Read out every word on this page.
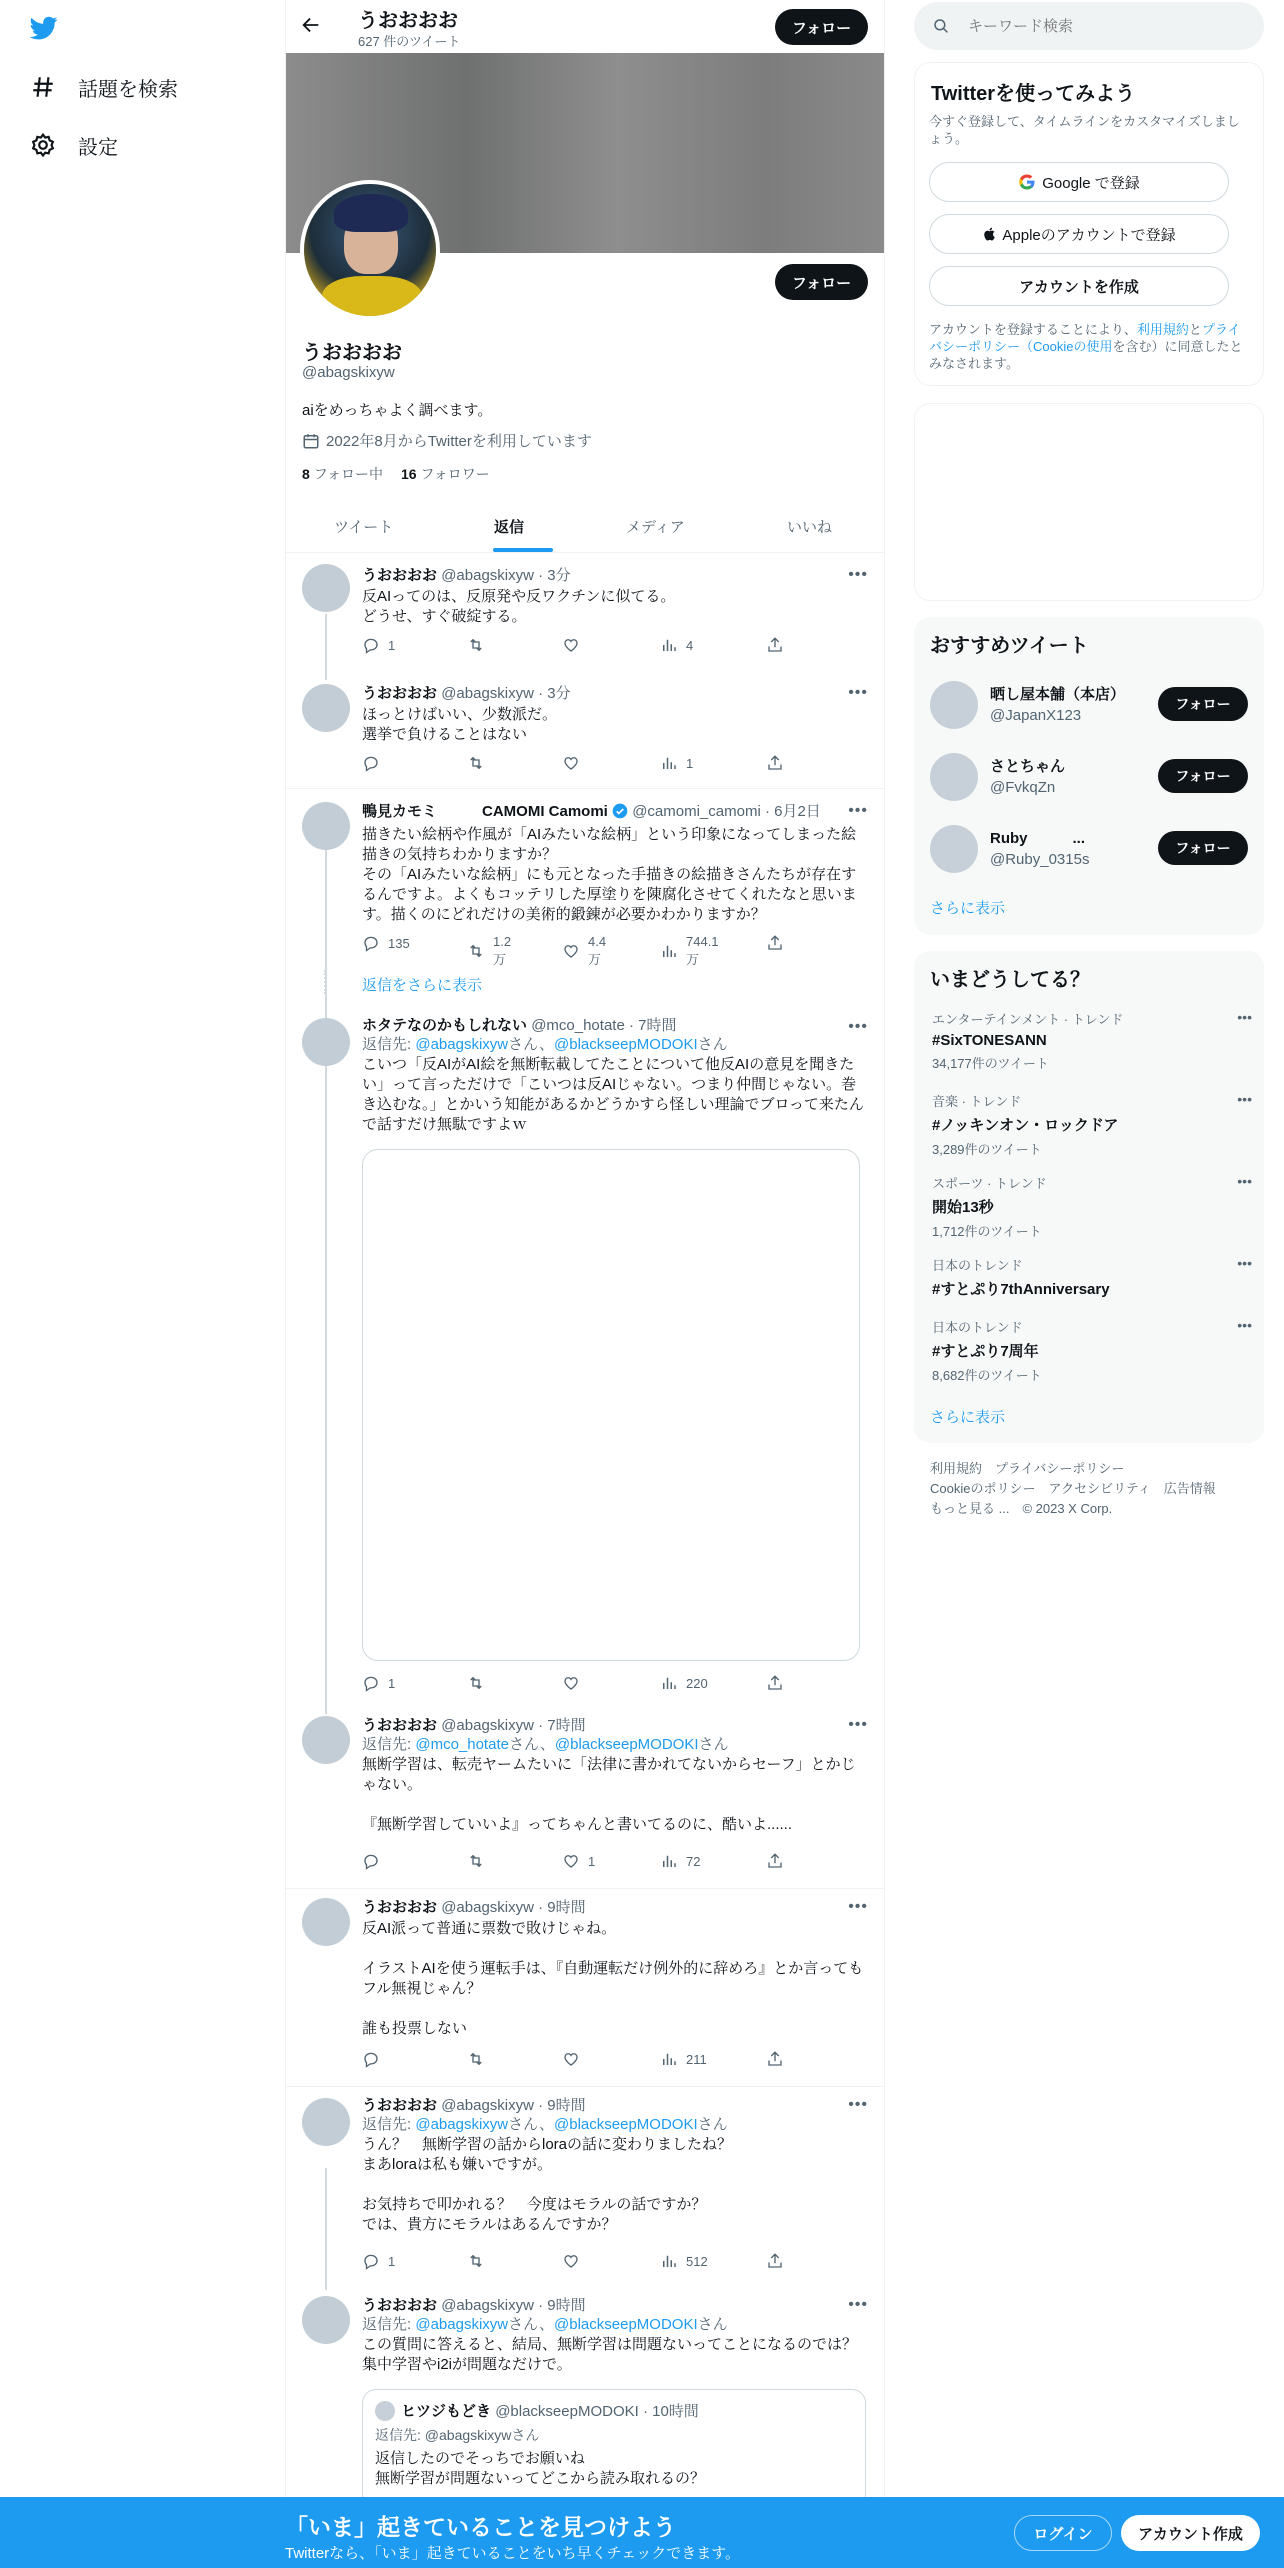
話題を検索
設定
うおおおお
627 件のツイート
フォロー
フォロー
うおおおお
@abagskixyw
aiをめっちゃよく調べます。
2022年8月からTwitterを利用しています
8 フォロー中 16 フォロワー
ツイート	返信	メディア	いいね
•••
うおおおお @abagskixyw · 3分
反AIってのは、反原発や反ワクチンに似てる。
どうせ、すぐ破綻する。
•••
うおおおお @abagskixyw · 3分
ほっとけばいい、少数派だ。
選挙で負けることはない
•••
鴨見カモミ　　　CAMOMI Camomi @camomi_camomi · 6月2日
描きたい絵柄や作風が「AIみたいな絵柄」という印象になってしまった絵描きの気持ちわかりますか？
その「AIみたいな絵柄」にも元となった手描きの絵描きさんたちが存在するんですよ。よくもコッテリした厚塗りを陳腐化させてくれたなと思います。描くのにどれだけの美術的鍛錬が必要かわかりますか？
返信をさらに表示
•••
ホタテなのかもしれない @mco_hotate · 7時間
返信先: @abagskixywさん、@blackseepMODOKIさん
こいつ「反AIがAI絵を無断転載してたことについて他反AIの意見を聞きたい」って言っただけで「こいつは反AIじゃない。つまり仲間じゃない。巻き込むな。」とかいう知能があるかどうかすら怪しい理論でブロって来たんで話すだけ無駄ですよｗ
•••
うおおおお @abagskixyw · 7時間
返信先: @mco_hotateさん、@blackseepMODOKIさん
無断学習は、転売ヤームたいに「法律に書かれてないからセーフ」とかじゃない。

『無断学習していいよ』ってちゃんと書いてるのに、酷いよ......
•••
うおおおお @abagskixyw · 9時間
反AI派って普通に票数で敗けじゃね。

イラストAIを使う運転手は、『自動運転だけ例外的に辞めろ』とか言ってもフル無視じゃん？

誰も投票しない
•••
うおおおお @abagskixyw · 9時間
返信先: @abagskixywさん、@blackseepMODOKIさん
うん？　無断学習の話からloraの話に変わりましたね？
まあloraは私も嫌いですが。

お気持ちで叩かれる？　今度はモラルの話ですか？
では、貴方にモラルはあるんですか？
•••
うおおおお @abagskixyw · 9時間
返信先: @abagskixywさん、@blackseepMODOKIさん
この質問に答えると、結局、無断学習は問題ないってことになるのでは？
集中学習やi2iが問題なだけで。
ヒツジもどき
@blackseepMODOKI · 10時間
返信先: @abagskixywさん
返信したのでそっちでお願いね
無断学習が問題ないってどこから読み取れるの？
1	4
1
135	1.2万
4.4万
744.1万
1	220
1	72
211
1	512
キーワード検索
Twitterを使ってみよう
今すぐ登録して、タイムラインをカスタマイズしましょう。
Google で登録
Appleのアカウントで登録
アカウントを作成
アカウントを登録することにより、利用規約とプライバシーポリシー（Cookieの使用を含む）に同意したとみなされます。
おすすめツイート
晒し屋本舗（本店）
@JapanX123
フォロー
さとちゃん
@FvkqZn
フォロー
Ruby　　　...
@Ruby_0315s
フォロー
さらに表示
いまどうしてる？
エンターテインメント · トレンド
#SixTONESANN
34,177件のツイート
•••
音楽 · トレンド
#ノッキンオン・ロックドア
3,289件のツイート
•••
スポーツ · トレンド
開始13秒
1,712件のツイート
•••
日本のトレンド
#すとぷり7thAnniversary
•••
日本のトレンド
#すとぷり7周年
8,682件のツイート
•••
さらに表示
利用規約　プライバシーポリシー
Cookieのポリシー　アクセシビリティ　広告情報
もっと見る ...　© 2023 X Corp.
「いま」起きていることを見つけよう
Twitterなら、「いま」起きていることをいち早くチェックできます。
ログイン	アカウント作成
